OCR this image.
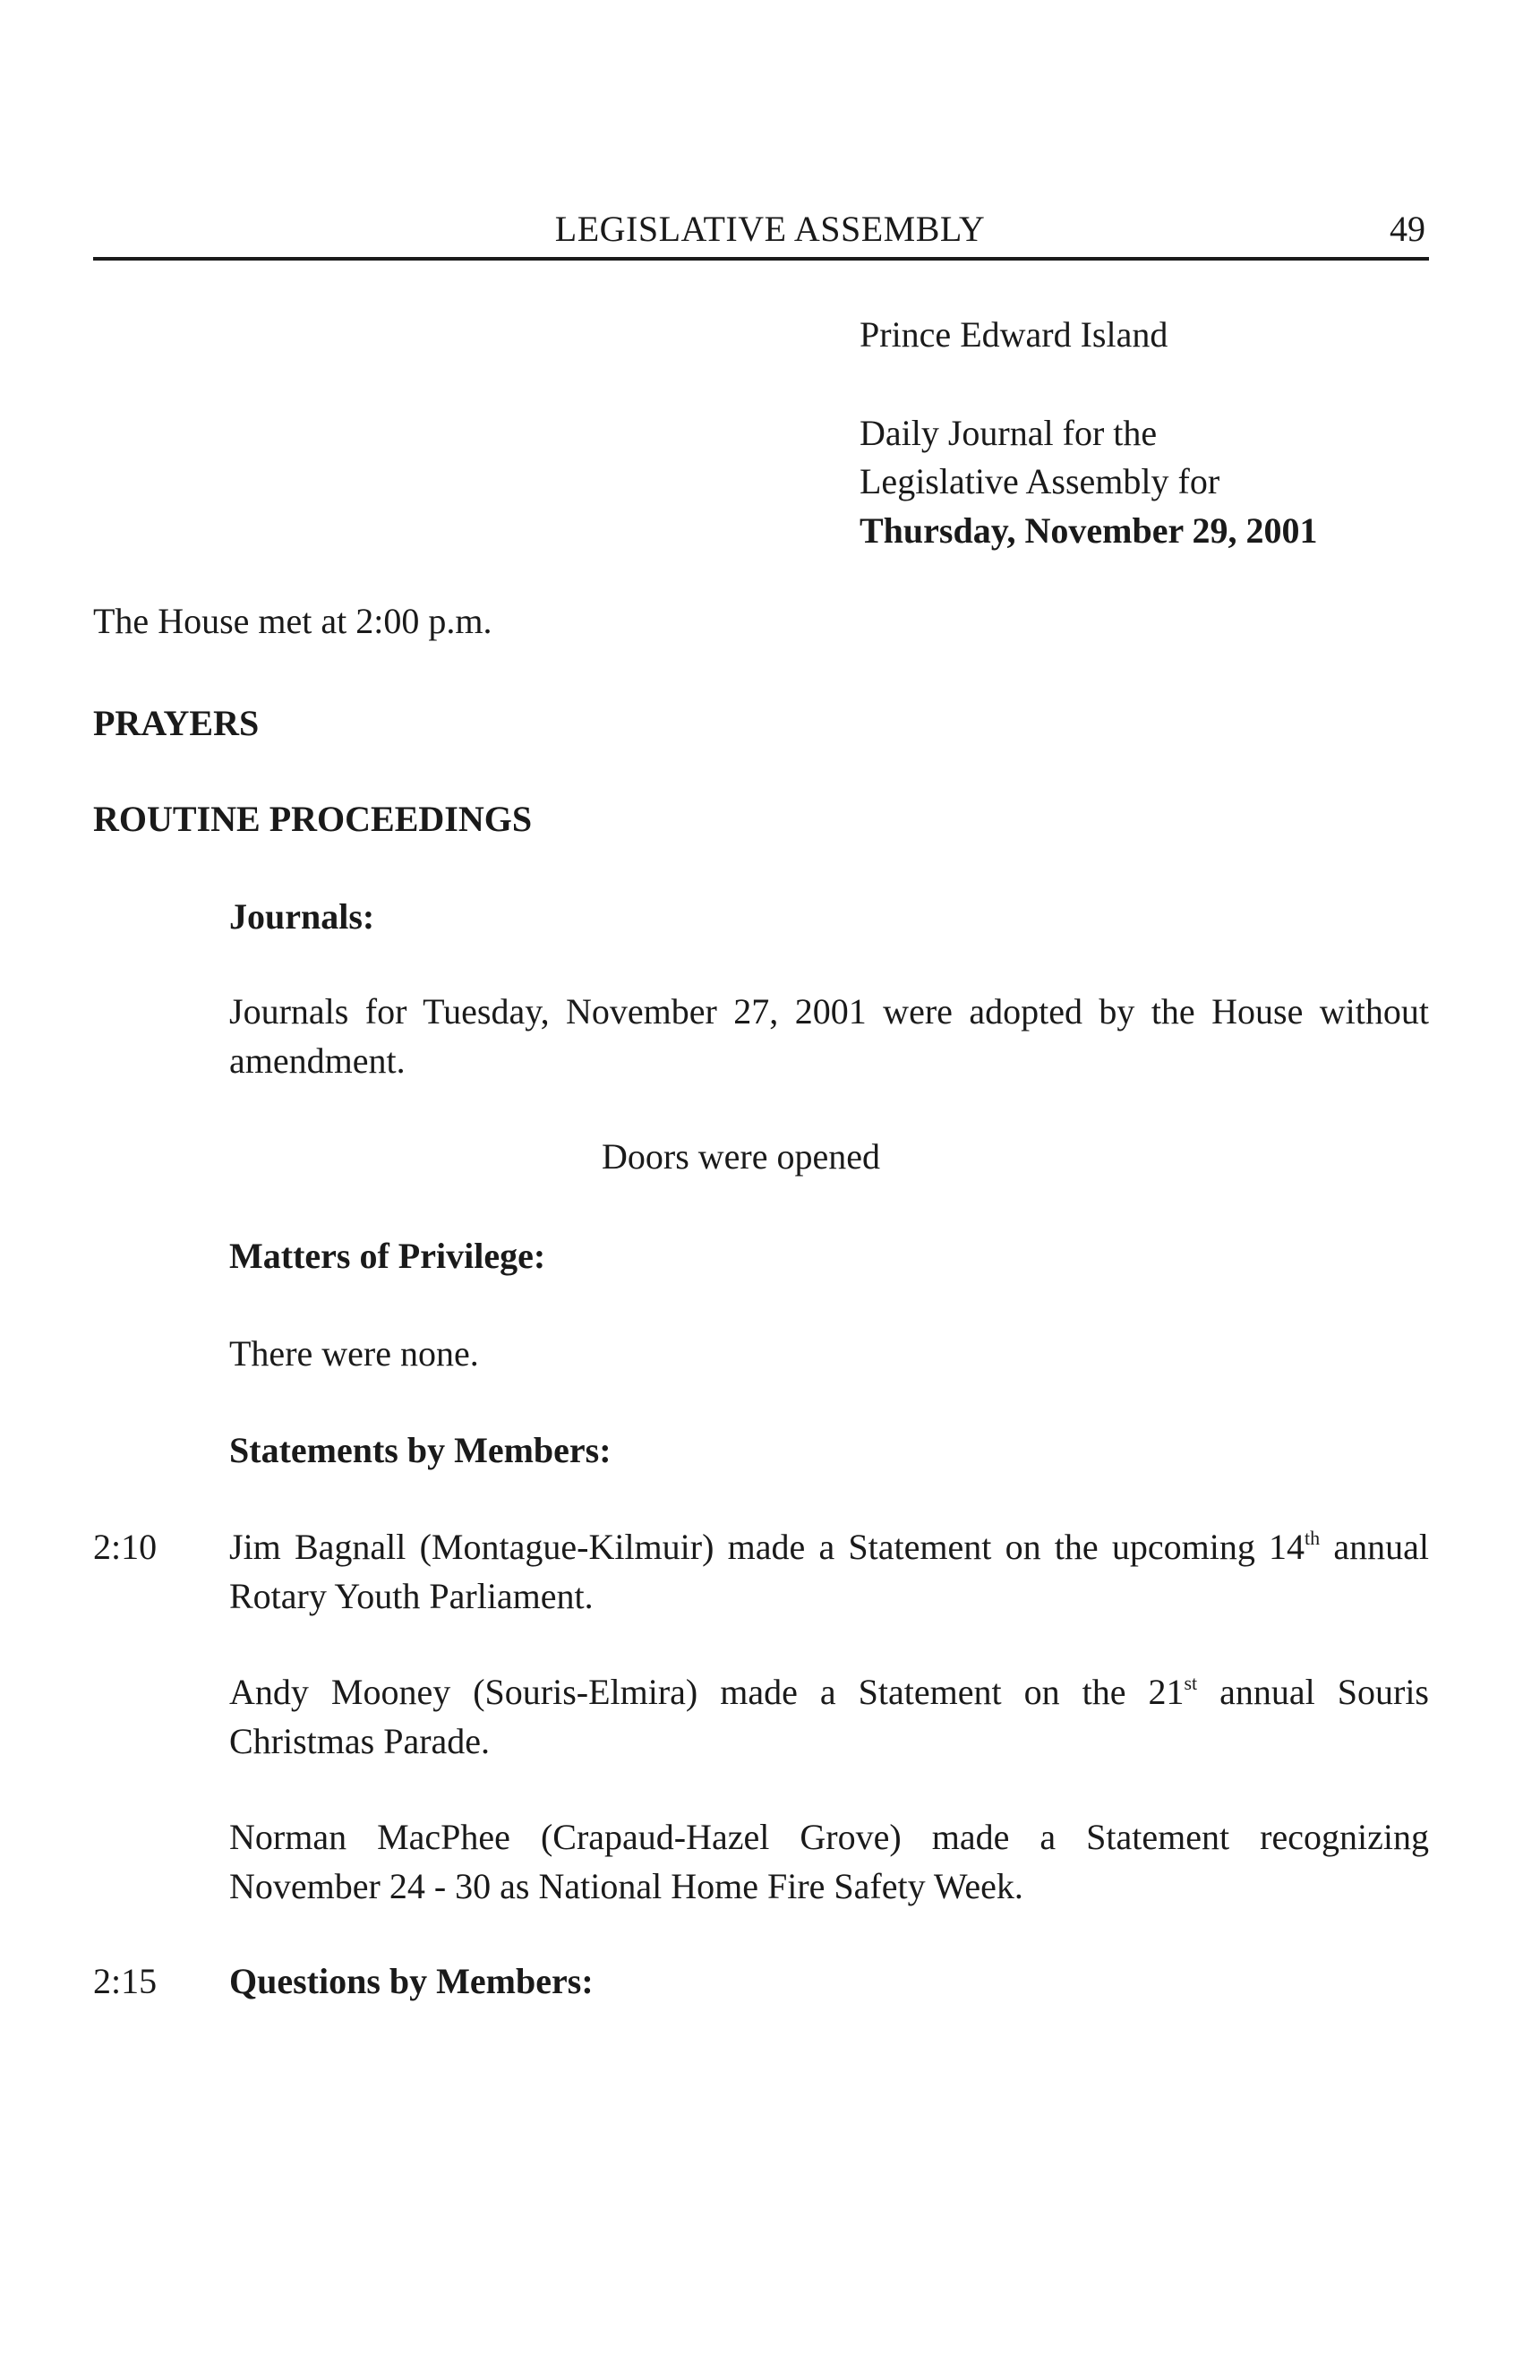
LEGISLATIVE ASSEMBLY	49
Prince Edward Island
Daily Journal for the
Legislative Assembly for
Thursday, November 29, 2001
The House met at 2:00 p.m.
PRAYERS
ROUTINE PROCEEDINGS
Journals:

Journals for Tuesday, November 27, 2001 were adopted by the House without amendment.

Doors were opened
Matters of Privilege:
There were none.
Statements by Members:
2:10 Jim Bagnall (Montague-Kilmuir) made a Statement on the upcoming 14th annual Rotary Youth Parliament.

Andy Mooney (Souris-Elmira) made a Statement on the 21st annual Souris Christmas Parade.

Norman MacPhee (Crapaud-Hazel Grove) made a Statement recognizing November 24 - 30 as National Home Fire Safety Week.

2:15 Questions by Members:
